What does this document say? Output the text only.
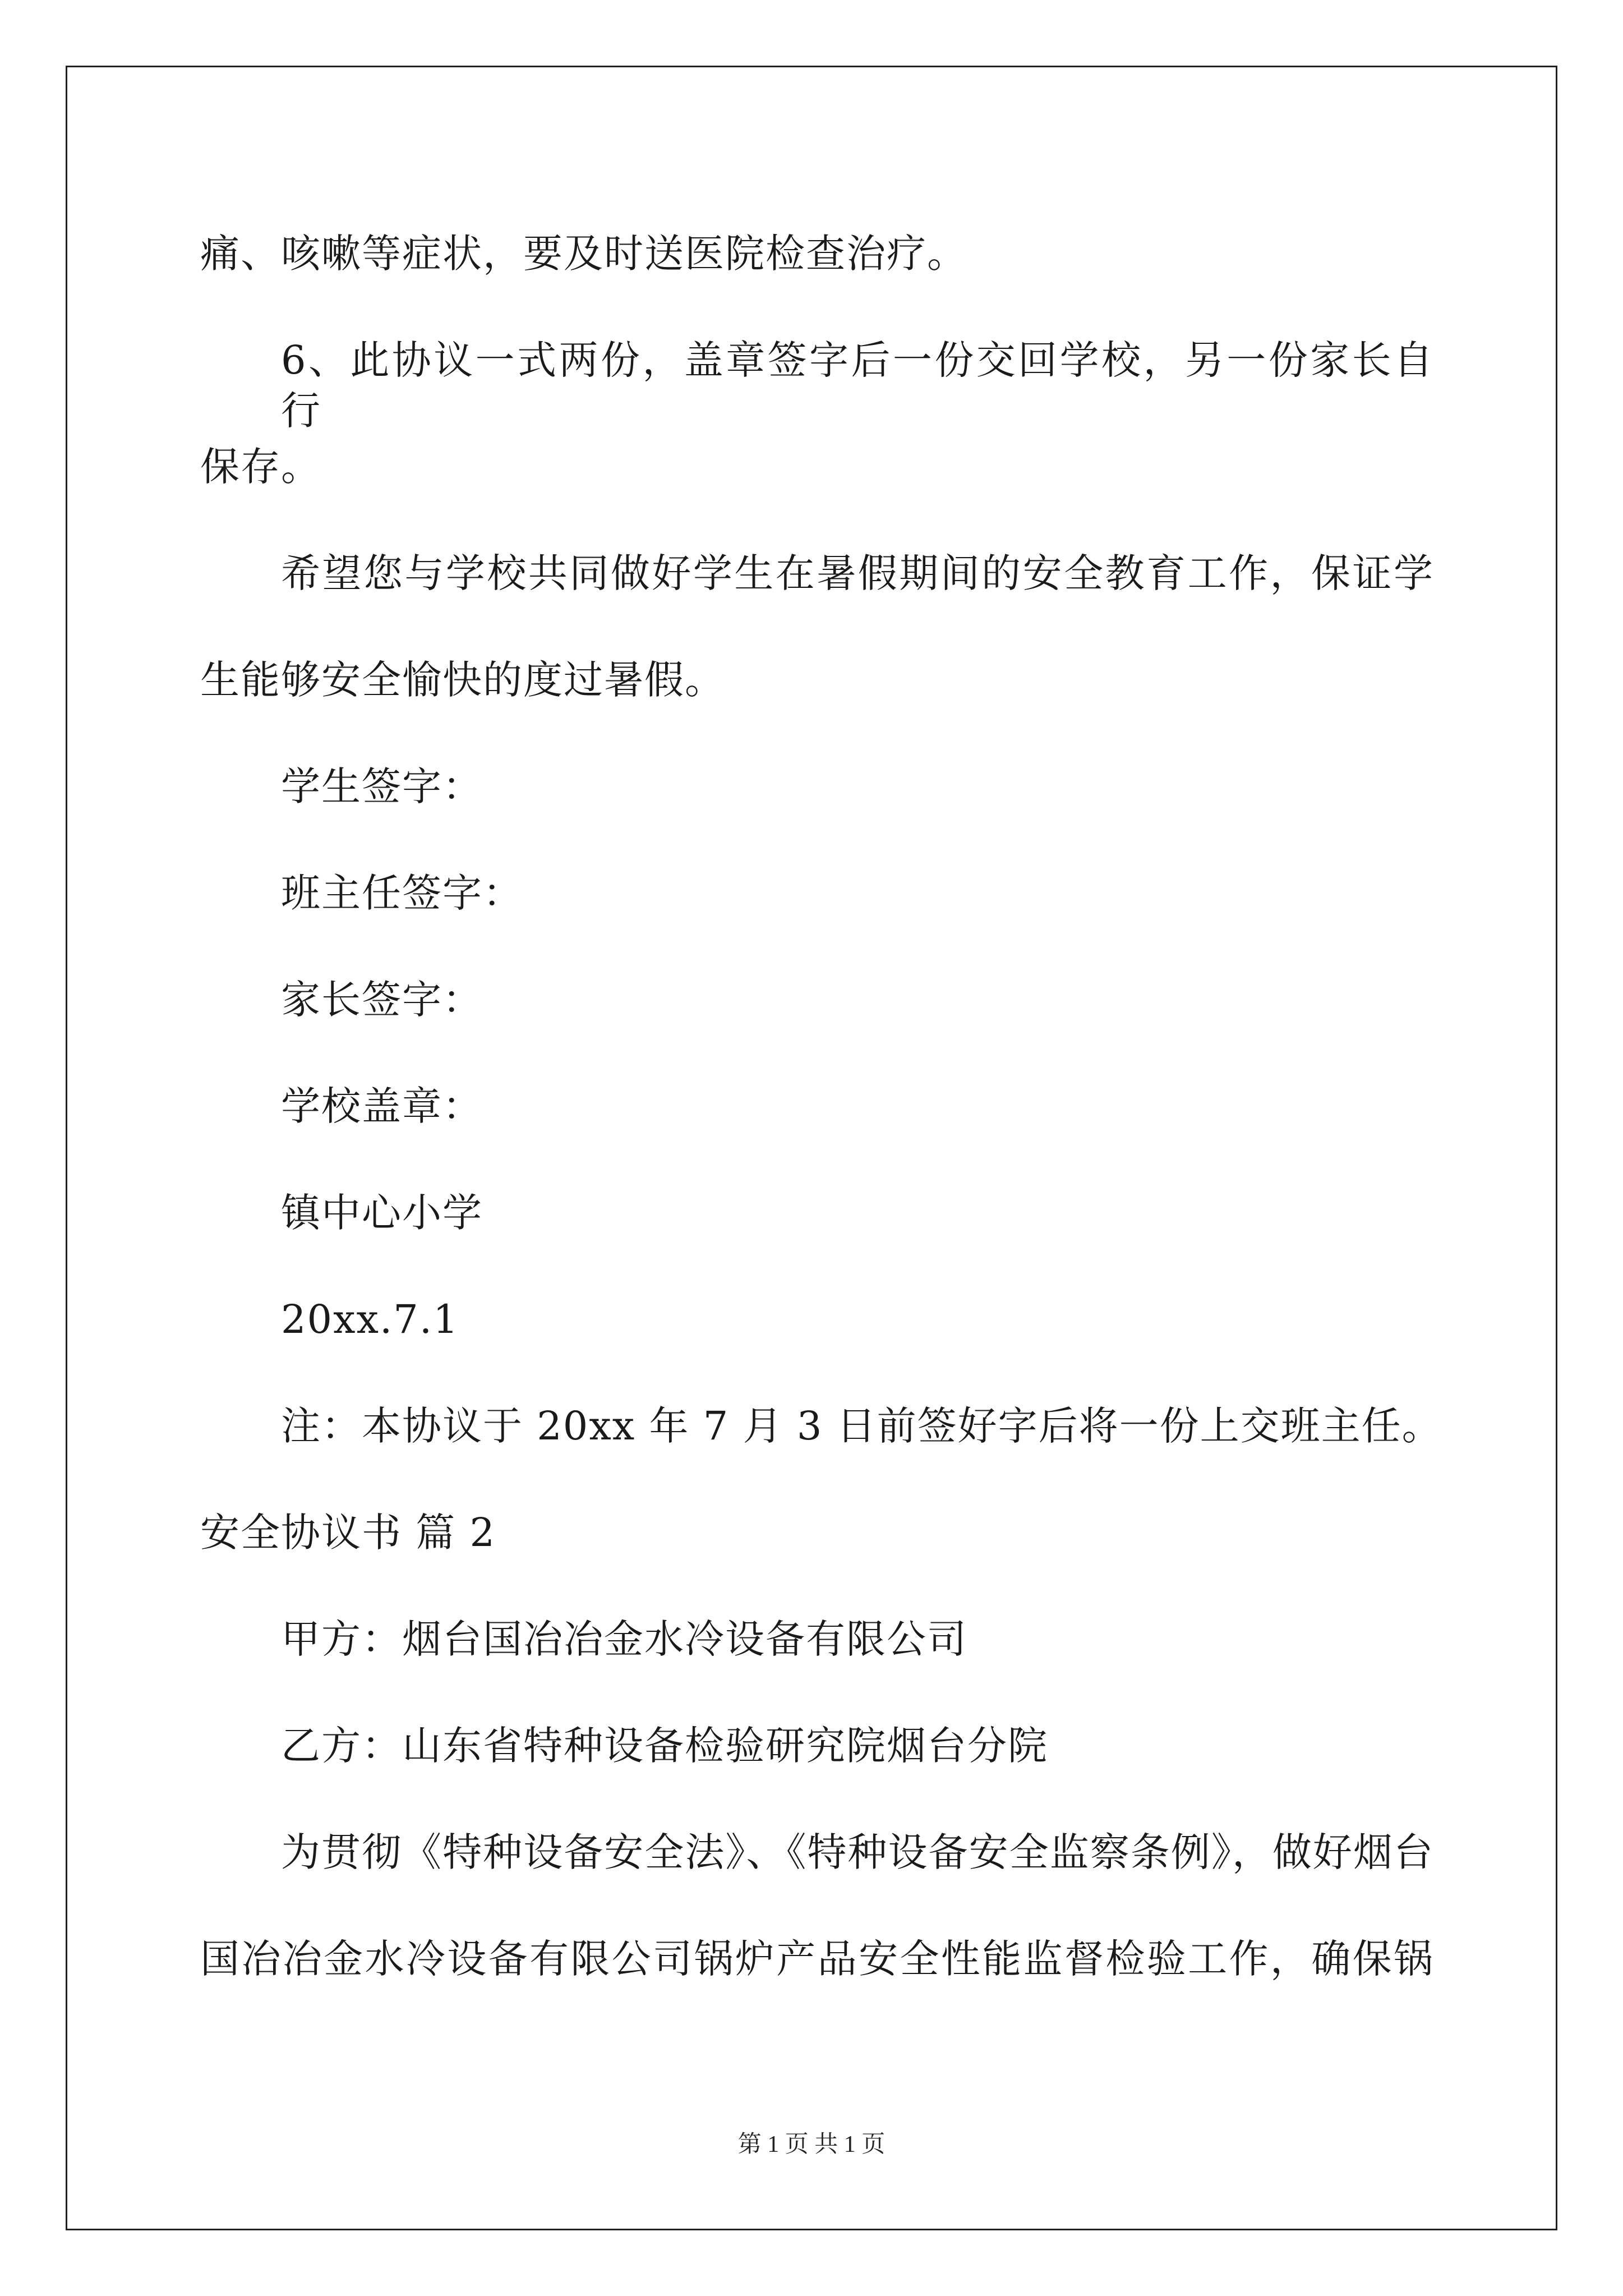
痛、咳嗽等症状，要及时送医院检查治疗。
6、此协议一式两份，盖章签字后一份交回学校，另一份家长自行
保存。
希望您与学校共同做好学生在暑假期间的安全教育工作，保证学
生能够安全愉快的度过暑假。
学生签字：
班主任签字：
家长签字：
学校盖章：
镇中心小学
20xx.7.1
注：本协议于 20xx 年 7 月 3 日前签好字后将一份上交班主任。
安全协议书 篇 2
甲方：烟台国冶冶金水冷设备有限公司
乙方：山东省特种设备检验研究院烟台分院
为贯彻《特种设备安全法》、《特种设备安全监察条例》，做好烟台
国冶冶金水冷设备有限公司锅炉产品安全性能监督检验工作，确保锅
第 1 页 共 1 页
